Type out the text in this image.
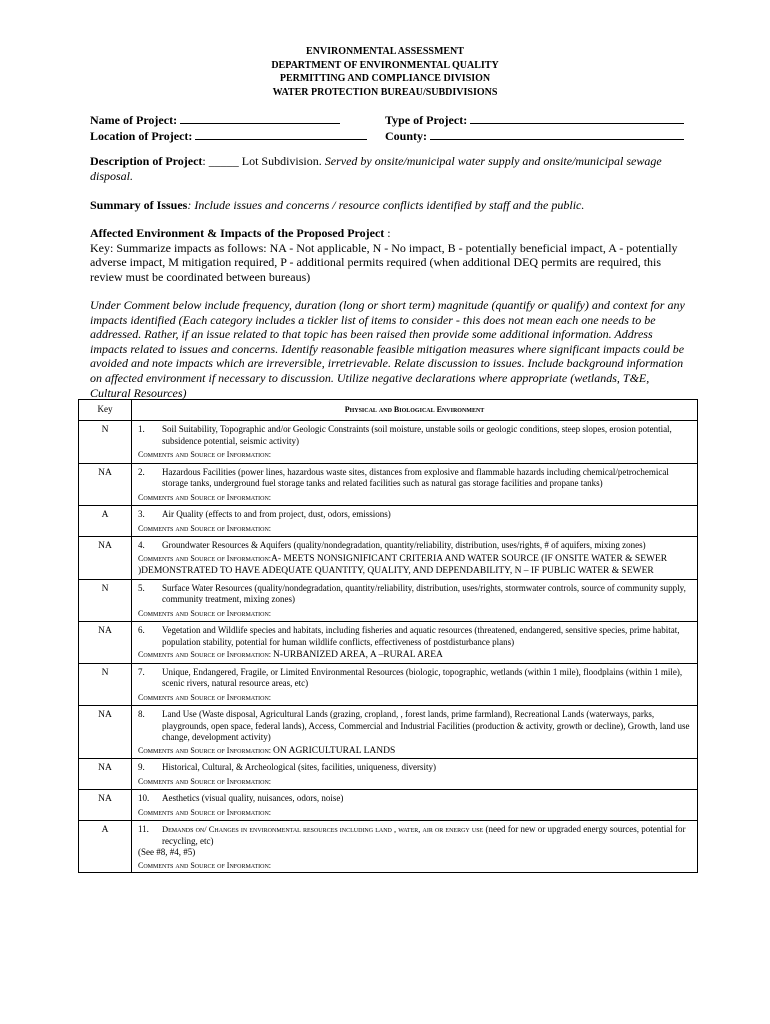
ENVIRONMENTAL ASSESSMENT
DEPARTMENT OF ENVIRONMENTAL QUALITY
PERMITTING AND COMPLIANCE DIVISION
WATER PROTECTION BUREAU/SUBDIVISIONS
Name of Project:	Type of Project:
Location of Project:	County:
Description of Project: _____ Lot Subdivision. Served by onsite/municipal water supply and onsite/municipal sewage disposal.
Summary of Issues: Include issues and concerns / resource conflicts identified by staff and the public.
Affected Environment & Impacts of the Proposed Project :
Key: Summarize impacts as follows: NA - Not applicable, N - No impact, B - potentially beneficial impact, A - potentially adverse impact, M mitigation required, P - additional permits required (when additional DEQ permits are required, this review must be coordinated between bureaus)
Under Comment below include frequency, duration (long or short term) magnitude (quantify or qualify) and context for any impacts identified (Each category includes a tickler list of items to consider - this does not mean each one needs to be addressed. Rather, if an issue related to that topic has been raised then provide some additional information. Address impacts related to issues and concerns. Identify reasonable feasible mitigation measures where significant impacts could be avoided and note impacts which are irreversible, irretrievable. Relate discussion to issues. Include background information on affected environment if necessary to discussion. Utilize negative declarations where appropriate (wetlands, T&E, Cultural Resources)
Key	Physical and Biological Environment
N	1. Soil Suitability, Topographic and/or Geologic Constraints (soil moisture, unstable soils or geologic conditions, steep slopes, erosion potential, subsidence potential, seismic activity)
Comments and Source of Information:

NA	2. Hazardous Facilities (power lines, hazardous waste sites, distances from explosive and flammable hazards including chemical/petrochemical storage tanks, underground fuel storage tanks and related facilities such as natural gas storage facilities and propane tanks)
Comments and Source of Information:

A	3. Air Quality (effects to and from project, dust, odors, emissions)
Comments and Source of Information:

NA	4. Groundwater Resources & Aquifers (quality/nondegradation, quantity/reliability, distribution, uses/rights, # of aquifers, mixing zones)
Comments and Source of Information:A- MEETS NONSIGNIFICANT CRITERIA AND WATER SOURCE (IF ONSITE WATER & SEWER )DEMONSTRATED TO HAVE ADEQUATE QUANTITY, QUALITY, AND DEPENDABILITY, N – IF PUBLIC WATER & SEWER

N	5. Surface Water Resources (quality/nondegradation, quantity/reliability, distribution, uses/rights, stormwater controls, source of community supply, community treatment, mixing zones)
Comments and Source of Information:

NA	6. Vegetation and Wildlife species and habitats, including fisheries and aquatic resources (threatened, endangered, sensitive species, prime habitat, population stability, potential for human wildlife conflicts, effectiveness of postdisturbance plans)
Comments and Source of Information: N-URBANIZED AREA, A –RURAL AREA

N	7. Unique, Endangered, Fragile, or Limited Environmental Resources (biologic, topographic, wetlands (within 1 mile), floodplains (within 1 mile), scenic rivers, natural resource areas, etc)
Comments and Source of Information:

NA	8. Land Use (Waste disposal, Agricultural Lands (grazing, cropland, , forest lands, prime farmland), Recreational Lands (waterways, parks, playgrounds, open space, federal lands), Access, Commercial and Industrial Facilities (production & activity, growth or decline), Growth, land use change, development activity)
Comments and Source of Information: ON AGRICULTURAL LANDS

NA	9. Historical, Cultural, & Archeological (sites, facilities, uniqueness, diversity)
Comments and Source of Information:

NA	10. Aesthetics (visual quality, nuisances, odors, noise)
Comments and Source of Information:

A	11. Demands on/ Changes in environmental resources including land , water, air or energy use (need for new or upgraded energy sources, potential for recycling, etc)
(See #8, #4, #5)
Comments and Source of Information:
